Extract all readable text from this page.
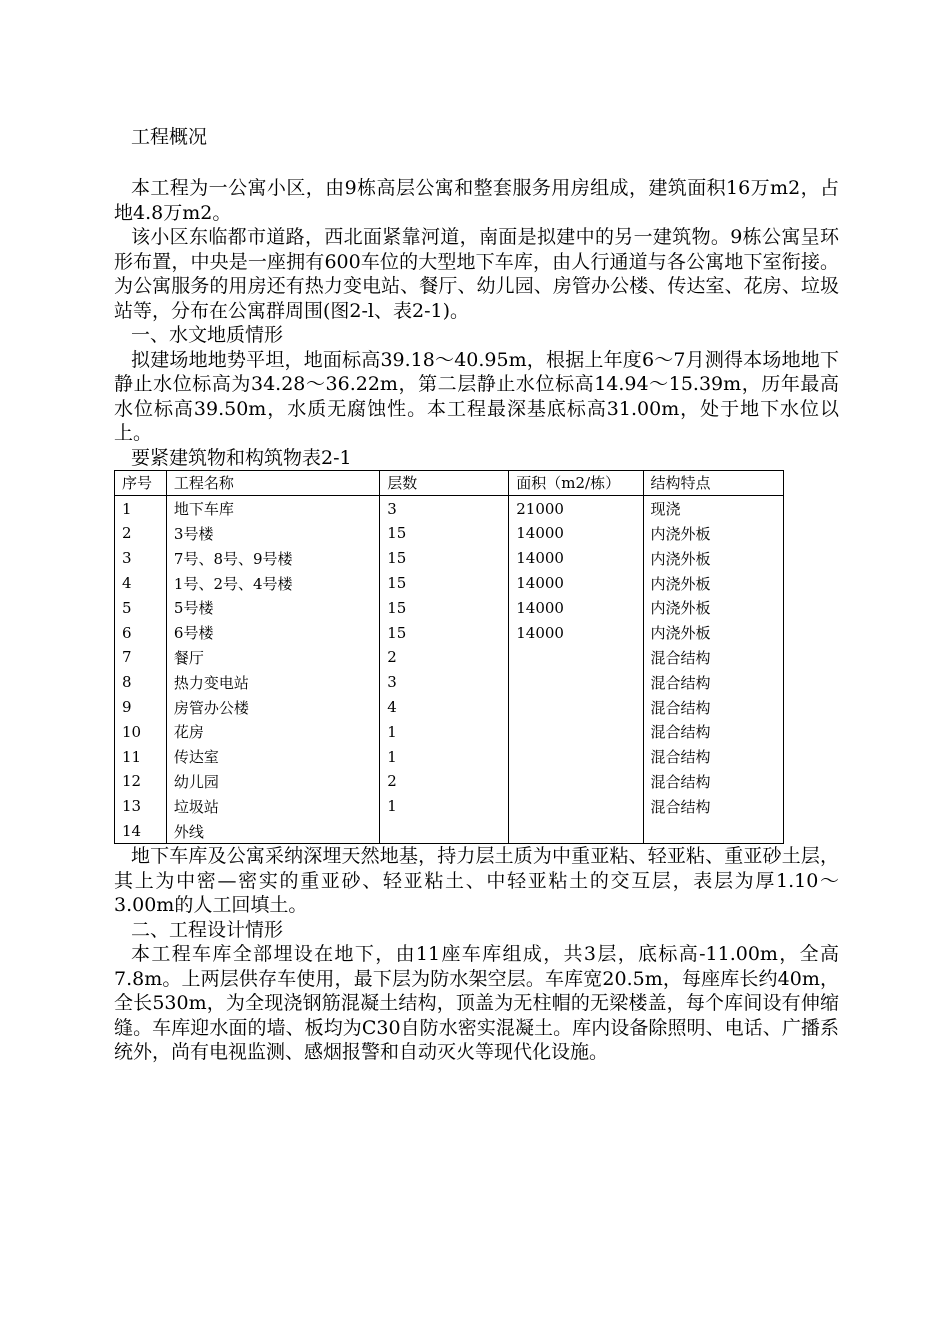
工程概况

本工程为一公寓小区，由9栋高层公寓和整套服务用房组成，建筑面积16万m2，占地4.8万m2。

该小区东临都市道路，西北面紧靠河道，南面是拟建中的另一建筑物。9栋公寓呈环形布置，中央是一座拥有600车位的大型地下车库，由人行通道与各公寓地下室衔接。为公寓服务的用房还有热力变电站、餐厅、幼儿园、房管办公楼、传达室、花房、垃圾站等，分布在公寓群周围(图2-l、表2-1)。

一、水文地质情形

拟建场地地势平坦，地面标高39.18～40.95m，根据上年度6～7月测得本场地地下静止水位标高为34.28～36.22m，第二层静止水位标高14.94～15.39m，历年最高水位标高39.50m，水质无腐蚀性。本工程最深基底标高31.00m，处于地下水位以上。

要紧建筑物和构筑物表2-1

序号	工程名称	层数	面积（m2/栋）	结构特点
1	地下车库	3	21000	现浇
2	3号楼	15	14000	内浇外板
3	7号、8号、9号楼	15	14000	内浇外板
4	1号、2号、4号楼	15	14000	内浇外板
5	5号楼	15	14000	内浇外板
6	6号楼	15	14000	内浇外板
7	餐厅	2		混合结构
8	热力变电站	3		混合结构
9	房管办公楼	4		混合结构
10	花房	1		混合结构
11	传达室	1		混合结构
12	幼儿园	2		混合结构
13	垃圾站	1		混合结构
14	外线			

地下车库及公寓采纳深埋天然地基，持力层土质为中重亚粘、轻亚粘、重亚砂土层，其上为中密—密实的重亚砂、轻亚粘土、中轻亚粘土的交互层，表层为厚1.10～3.00m的人工回填土。

二、工程设计情形

本工程车库全部埋设在地下，由11座车库组成，共3层，底标高-11.00m，全高7.8m。上两层供存车使用，最下层为防水架空层。车库宽20.5m，每座库长约40m，全长530m，为全现浇钢筋混凝土结构，顶盖为无柱帽的无梁楼盖，每个库间设有伸缩缝。车库迎水面的墙、板均为C30自防水密实混凝土。库内设备除照明、电话、广播系统外，尚有电视监测、感烟报警和自动灭火等现代化设施。
